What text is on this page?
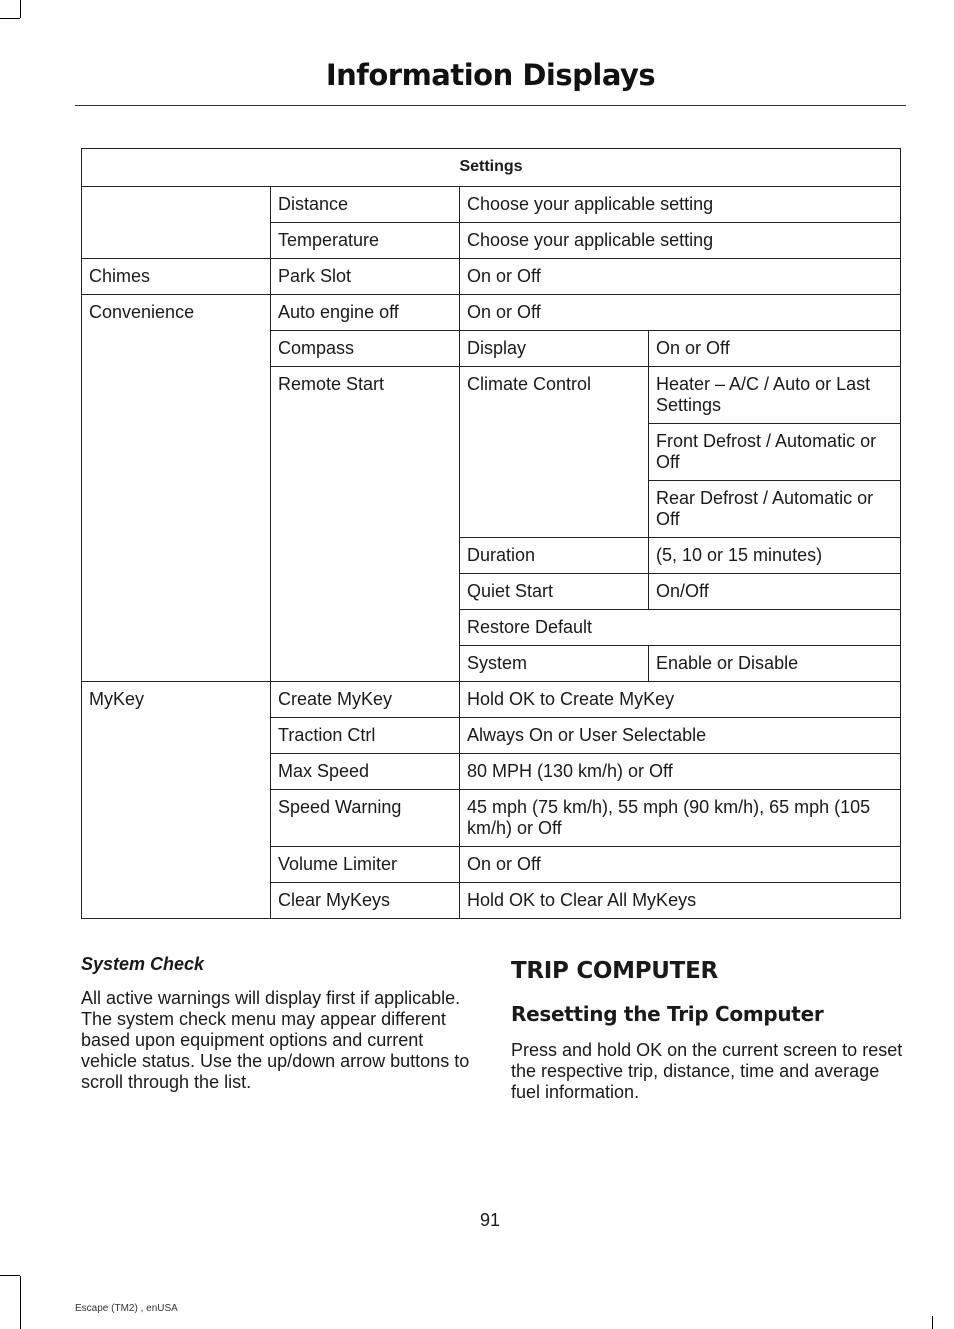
Information Displays
Settings			
	Distance	Choose your applicable setting	
	Temperature	Choose your applicable setting	
Chimes	Park Slot	On or Off	
Convenience	Auto engine off	On or Off	
	Compass	Display	On or Off
	Remote Start	Climate Control	Heater – A/C / Auto or Last Settings
			Front Defrost / Automatic or Off
			Rear Defrost / Automatic or Off
		Duration	(5, 10 or 15 minutes)
		Quiet Start	On/Off
		Restore Default	
		System	Enable or Disable
MyKey	Create MyKey	Hold OK to Create MyKey	
	Traction Ctrl	Always On or User Selectable	
	Max Speed	80 MPH (130 km/h) or Off	
	Speed Warning	45 mph (75 km/h), 55 mph (90 km/h), 65 mph (105 km/h) or Off	
	Volume Limiter	On or Off	
	Clear MyKeys	Hold OK to Clear All MyKeys	

System Check

All active warnings will display first if applicable. The system check menu may appear different based upon equipment options and current vehicle status. Use the up/down arrow buttons to scroll through the list.

TRIP COMPUTER

Resetting the Trip Computer

Press and hold OK on the current screen to reset the respective trip, distance, time and average fuel information.

91
Escape (TM2) , enUSA
